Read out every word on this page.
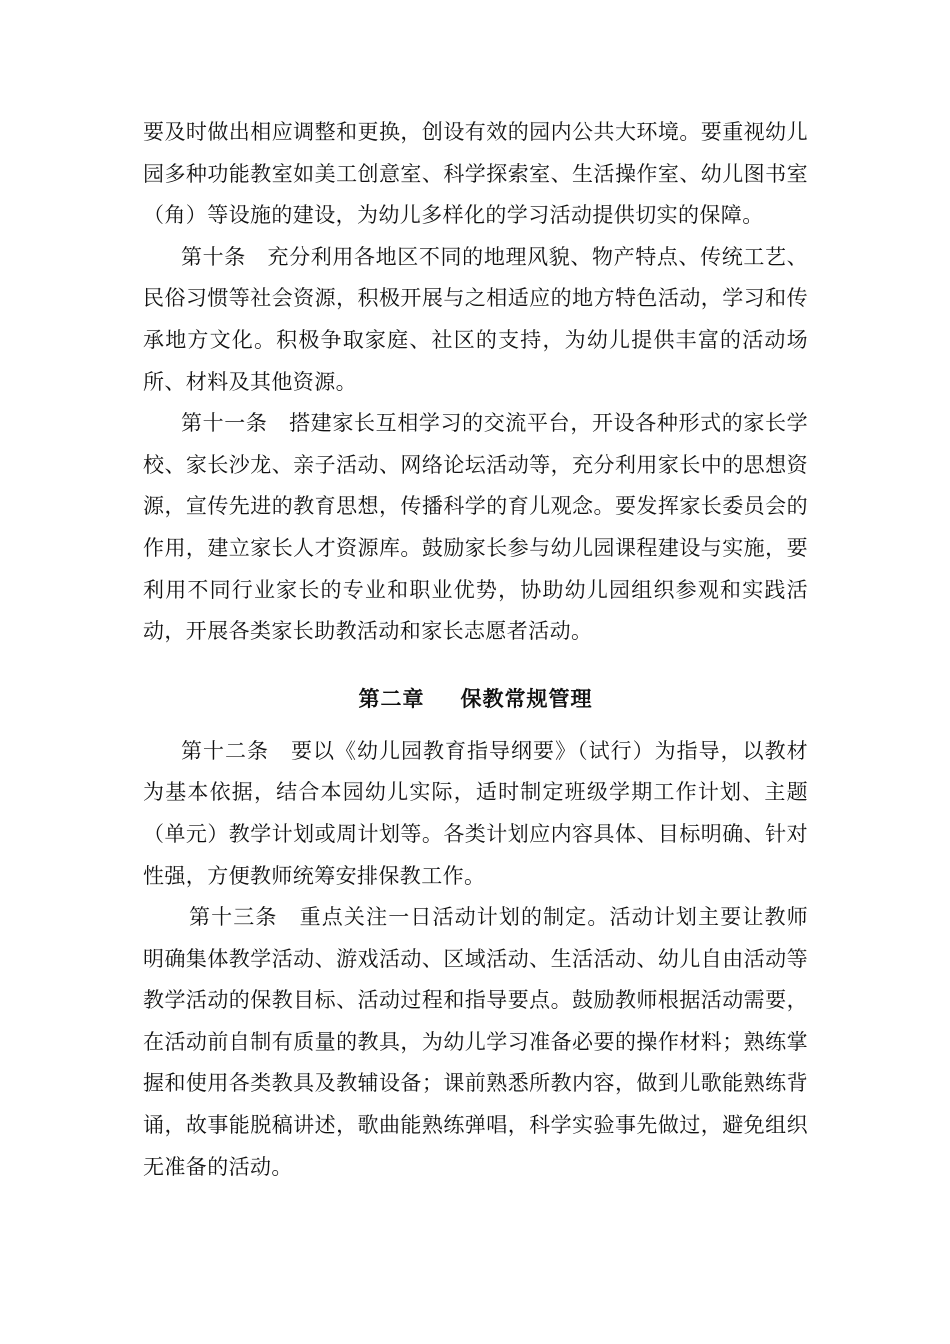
要及时做出相应调整和更换，创设有效的园内公共大环境。要重视幼儿园多种功能教室如美工创意室、科学探索室、生活操作室、幼儿图书室（角）等设施的建设，为幼儿多样化的学习活动提供切实的保障。

第十条　 充分利用各地区不同的地理风貌、物产特点、传统工艺、民俗习惯等社会资源，积极开展与之相适应的地方特色活动，学习和传承地方文化。积极争取家庭、社区的支持，为幼儿提供丰富的活动场所、材料及其他资源。

第十一条　 搭建家长互相学习的交流平台，开设各种形式的家长学校、家长沙龙、亲子活动、网络论坛活动等，充分利用家长中的思想资源，宣传先进的教育思想，传播科学的育儿观念。要发挥家长委员会的作用，建立家长人才资源库。鼓励家长参与幼儿园课程建设与实施，要利用不同行业家长的专业和职业优势，协助幼儿园组织参观和实践活动，开展各类家长助教活动和家长志愿者活动。

第二章 保教常规管理

第十二条　 要以《幼儿园教育指导纲要》（试行）为指导，以教材为基本依据，结合本园幼儿实际，适时制定班级学期工作计划、主题（单元）教学计划或周计划等。各类计划应内容具体、目标明确、针对性强，方便教师统筹安排保教工作。

第十三条　 重点关注一日活动计划的制定。活动计划主要让教师明确集体教学活动、游戏活动、区域活动、生活活动、幼儿自由活动等教学活动的保教目标、活动过程和指导要点。鼓励教师根据活动需要，在活动前自制有质量的教具，为幼儿学习准备必要的操作材料；熟练掌握和使用各类教具及教辅设备；课前熟悉所教内容，做到儿歌能熟练背诵，故事能脱稿讲述，歌曲能熟练弹唱，科学实验事先做过，避免组织无准备的活动。
